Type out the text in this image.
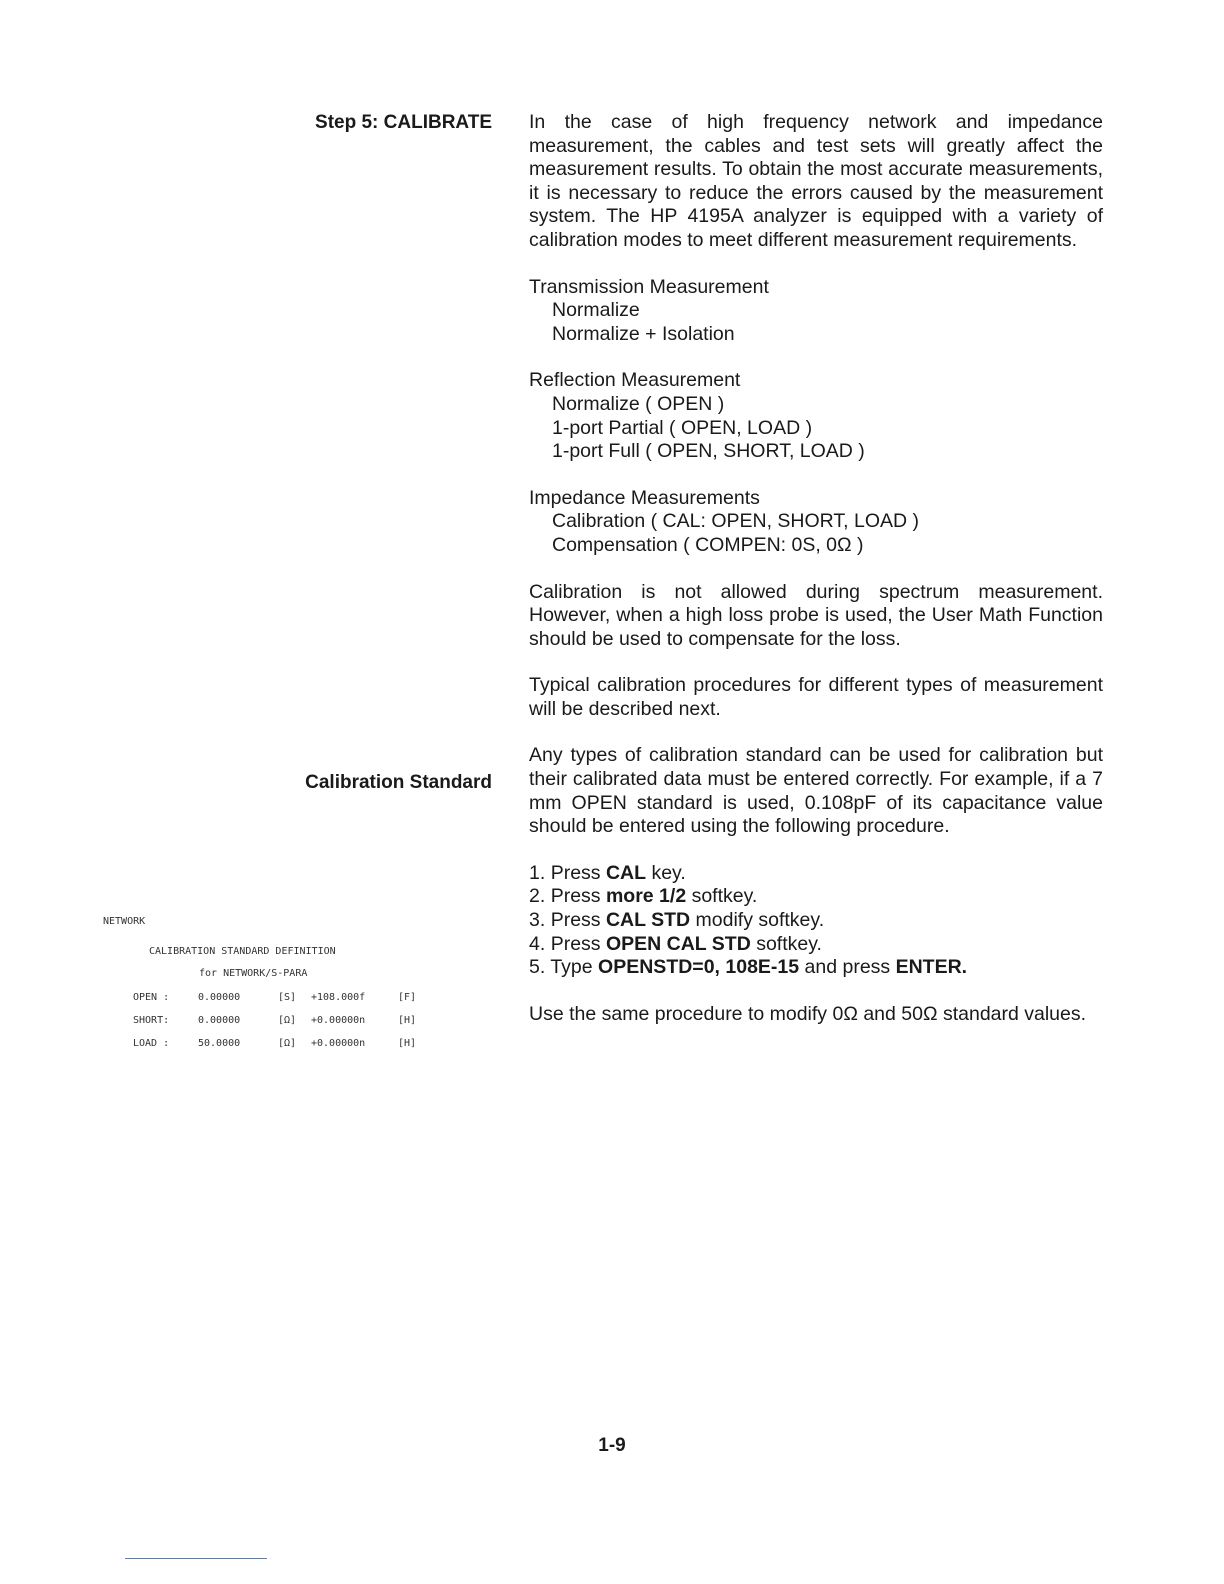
Step 5: CALIBRATE
Calibration Standard

In the case of high frequency network and impedance measurement, the cables and test sets will greatly affect the measurement results. To obtain the most accurate measurements, it is necessary to reduce the errors caused by the measurement system. The HP 4195A analyzer is equipped with a variety of calibration modes to meet different measurement requirements.

Transmission Measurement

Normalize

Normalize + Isolation

Reflection Measurement

Normalize ( OPEN )

1-port Partial ( OPEN, LOAD )

1-port Full ( OPEN, SHORT, LOAD )

Impedance Measurements

Calibration ( CAL: OPEN, SHORT, LOAD )

Compensation ( COMPEN: 0S, 0Ω )

Calibration is not allowed during spectrum measurement. However, when a high loss probe is used, the User Math Function should be used to compensate for the loss.

Typical calibration procedures for different types of measurement will be described next.

Any types of calibration standard can be used for calibration but their calibrated data must be entered correctly. For example, if a 7 mm OPEN standard is used, 0.108pF of its capacitance value should be entered using the following procedure.

1. Press CAL key.
2. Press more 1/2 softkey.
3. Press CAL STD modify softkey.
4. Press OPEN CAL STD softkey.
5. Type OPENSTD=0, 108E-15 and press ENTER.

Use the same procedure to modify 0Ω and 50Ω standard values.

NETWORK
CALIBRATION STANDARD DEFINITION
for NETWORK/S-PARA
OPEN :	0.00000	[S] +108.000f	[F]
SHORT:	0.00000	[Ω] +0.00000n	[H]
LOAD :	50.0000	[Ω] +0.00000n	[H]

1-9
